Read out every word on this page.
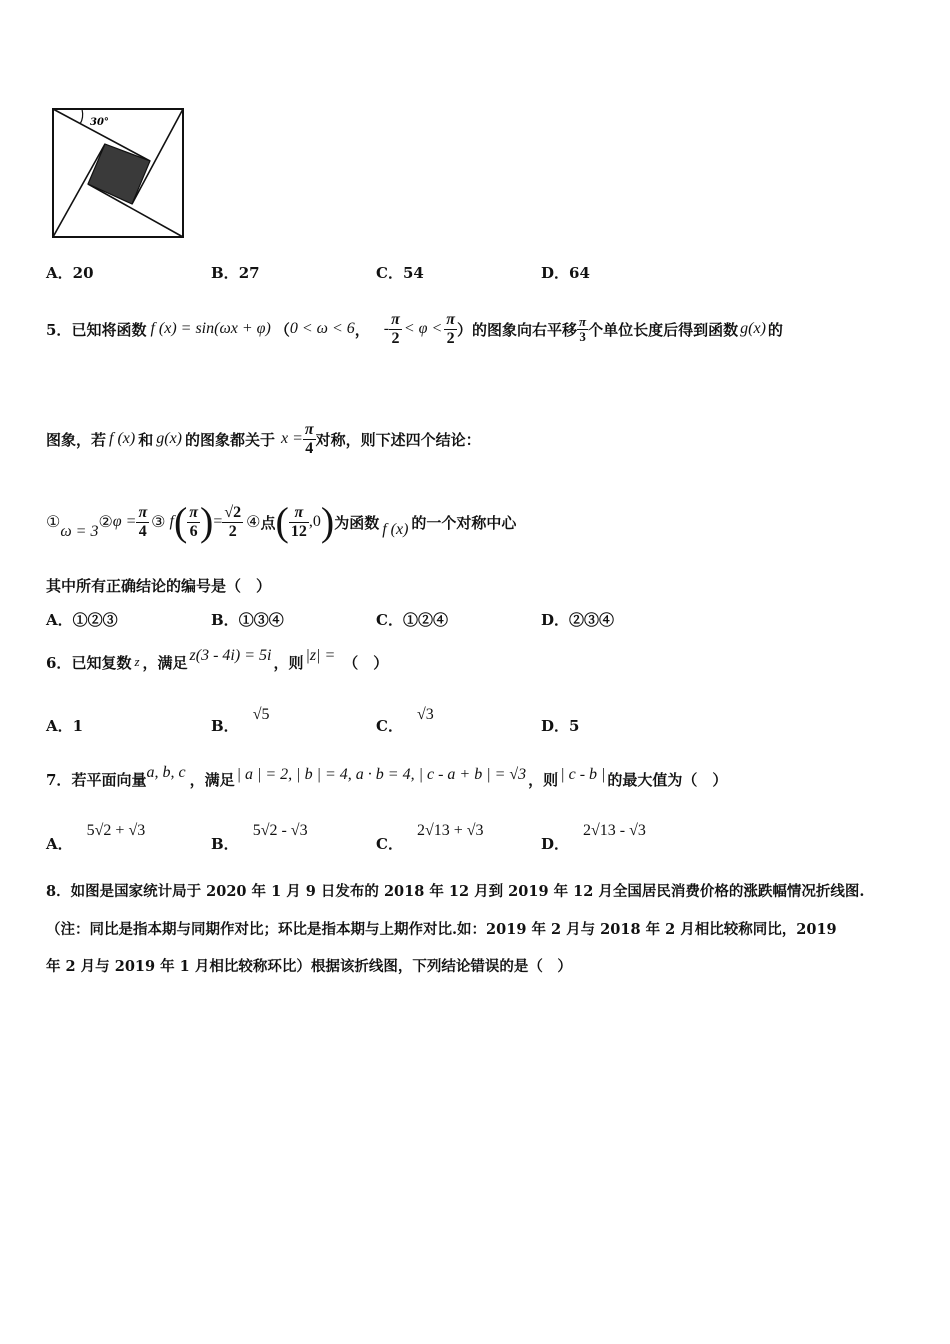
30°
A．20	B．27	C．54	D．64
5． 已知将函数 f (x) = sin(ωx + φ) （ 0 < ω < 6 ， - $\frac{\pi}{2} < \varphi < \frac{\pi}{2}$ ）的图象向右平移 $\frac{\pi}{3}$ 个单位长度后得到函数 g(x) 的
图象，若 f (x) 和 g(x) 的图象都关于 $x = \frac{\pi}{4}$ 对称，则下述四个结论：
①
ω = 3
② $\varphi = \frac{\pi}{4}$ ③ f ( $\frac{\pi}{6}$ ) = $\frac{√2}{2}$ ④ 点 ( $\frac{\pi}{12} ,0$ ) 为函数 f (x) 的一个对称中心
其中所有正确结论的编号是（　）
A．①②③	B．①③④	C．①②④	D．②③④
6． 已知复数 z ，满足 z(3 - 4i) = 5i ，则 |z| = （　）
A．1	B．
√5
C．
√3
D．5
7． 若平面向量 a, b, c ，满足 | a | = 2, | b | = 4, a · b = 4, | c - a + b | = √3 ，则 | c - b | 的最大值为（　）
A．
5√2 + √3
B．
5√2 - √3
C．
2√13 + √3
D．
2√13 - √3
8．如图是国家统计局于 2020 年 1 月 9 日发布的 2018 年 12 月到 2019 年 12 月全国居民消费价格的涨跌幅情况折线图.
（注：同比是指本期与同期作对比；环比是指本期与上期作对比.如：2019 年 2 月与 2018 年 2 月相比较称同比，2019
年 2 月与 2019 年 1 月相比较称环比）根据该折线图，下列结论错误的是（　）
